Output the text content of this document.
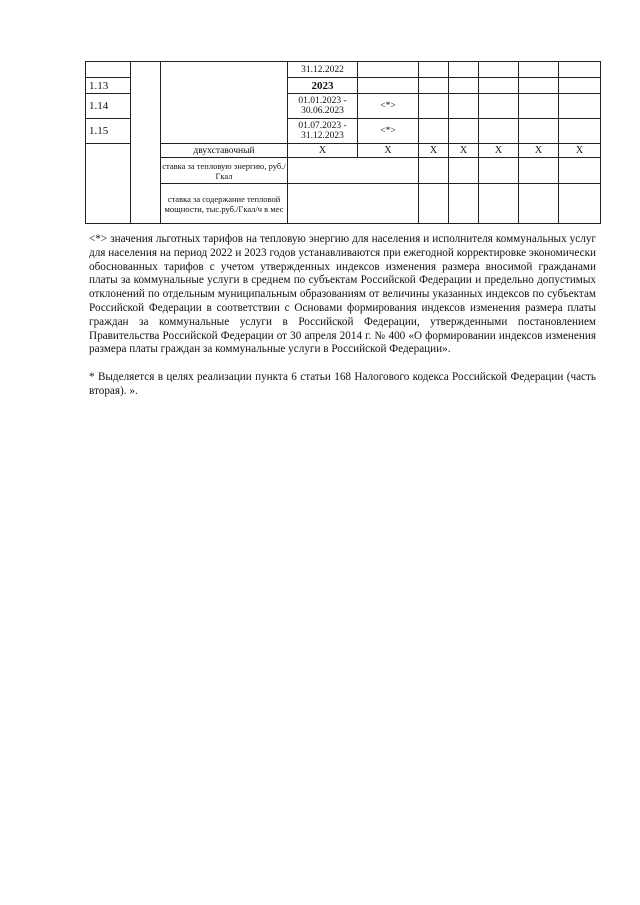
			31.12.2022						
1.13			2023						
1.14			01.01.2023 - 30.06.2023	<*>					
1.15			01.07.2023 - 31.12.2023	<*>					
		двухставочный	X	X	X	X	X	X	X
		ставка за тепловую энергию, руб./Гкал							
		ставка за содержание тепловой мощности, тыс.руб./Гкал/ч в мес							

<*> значения льготных тарифов на тепловую энергию для населения и исполнителя коммунальных услуг для населения на период 2022 и 2023 годов устанавливаются при ежегодной корректировке экономически обоснованных тарифов с учетом утвержденных индексов изменения размера вносимой гражданами платы за коммунальные услуги в среднем по субъектам Российской Федерации и предельно допустимых отклонений по отдельным муниципальным образованиям от величины указанных индексов по субъектам Российской Федерации в соответствии с Основами формирования индексов изменения размера платы граждан за коммунальные услуги в Российской Федерации, утвержденными постановлением Правительства Российской Федерации от 30 апреля 2014 г. № 400 «О формировании индексов изменения размера платы граждан за коммунальные услуги в Российской Федерации».

* Выделяется в целях реализации пункта 6 статьи 168 Налогового кодекса Российской Федерации (часть вторая). ».
